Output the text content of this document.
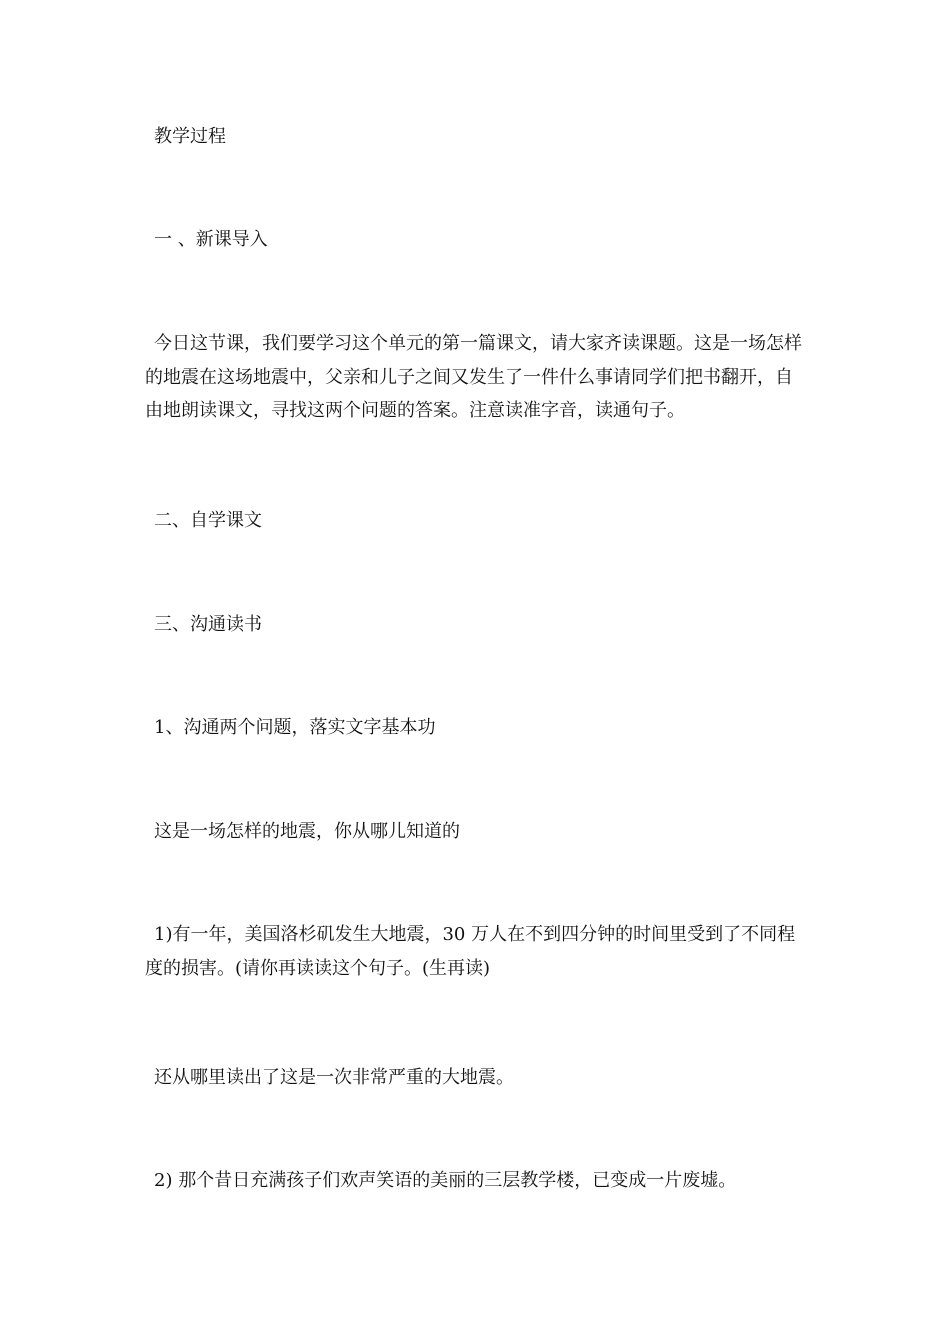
教学过程

一 、新课导入

今日这节课，我们要学习这个单元的第一篇课文，请大家齐读课题。这是一场怎样的地震在这场地震中，父亲和儿子之间又发生了一件什么事请同学们把书翻开，自由地朗读课文，寻找这两个问题的答案。注意读准字音，读通句子。

二、自学课文

三、沟通读书

1、沟通两个问题，落实文字基本功

这是一场怎样的地震，你从哪儿知道的

1)有一年，美国洛杉矶发生大地震，30 万人在不到四分钟的时间里受到了不同程度的损害。(请你再读读这个句子。(生再读)

还从哪里读出了这是一次非常严重的大地震。

2) 那个昔日充满孩子们欢声笑语的美丽的三层教学楼，已变成一片废墟。
